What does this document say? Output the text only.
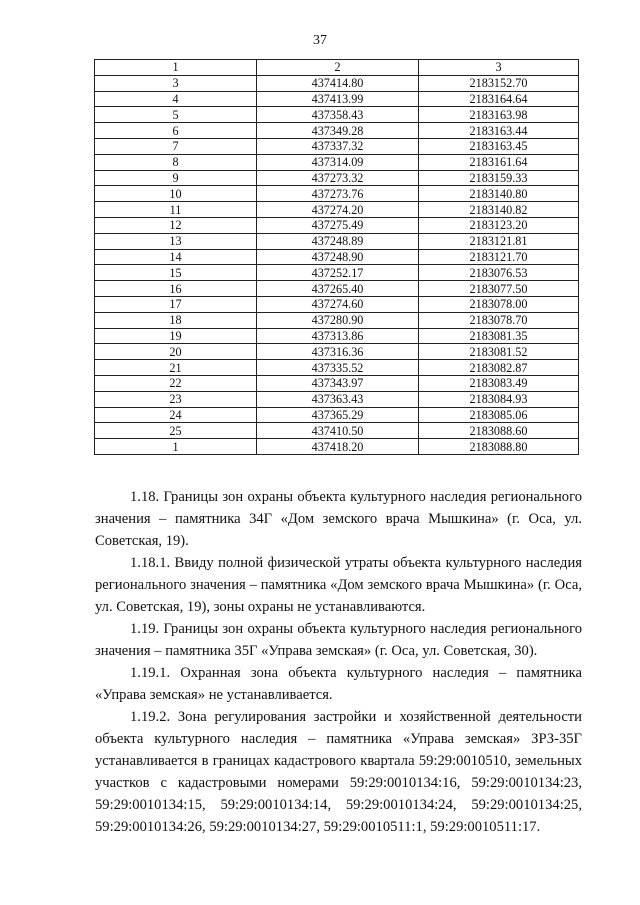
37
1	2	3
3	437414.80	2183152.70
4	437413.99	2183164.64
5	437358.43	2183163.98
6	437349.28	2183163.44
7	437337.32	2183163.45
8	437314.09	2183161.64
9	437273.32	2183159.33
10	437273.76	2183140.80
11	437274.20	2183140.82
12	437275.49	2183123.20
13	437248.89	2183121.81
14	437248.90	2183121.70
15	437252.17	2183076.53
16	437265.40	2183077.50
17	437274.60	2183078.00
18	437280.90	2183078.70
19	437313.86	2183081.35
20	437316.36	2183081.52
21	437335.52	2183082.87
22	437343.97	2183083.49
23	437363.43	2183084.93
24	437365.29	2183085.06
25	437410.50	2183088.60
1	437418.20	2183088.80

1.18. Границы зон охраны объекта культурного наследия регионального значения – памятника 34Г «Дом земского врача Мышкина» (г. Оса, ул. Советская, 19).

1.18.1. Ввиду полной физической утраты объекта культурного наследия регионального значения – памятника «Дом земского врача Мышкина» (г. Оса, ул. Советская, 19), зоны охраны не устанавливаются.

1.19. Границы зон охраны объекта культурного наследия регионального значения – памятника 35Г «Управа земская» (г. Оса, ул. Советская, 30).

1.19.1. Охранная зона объекта культурного наследия – памятника «Управа земская» не устанавливается.

1.19.2. Зона регулирования застройки и хозяйственной деятельности объекта культурного наследия – памятника «Управа земская» ЗРЗ-35Г устанавливается в границах кадастрового квартала 59:29:0010510, земельных участков с кадастровыми номерами 59:29:0010134:16, 59:29:0010134:23, 59:29:0010134:15, 59:29:0010134:14, 59:29:0010134:24, 59:29:0010134:25, 59:29:0010134:26, 59:29:0010134:27, 59:29:0010511:1, 59:29:0010511:17.
